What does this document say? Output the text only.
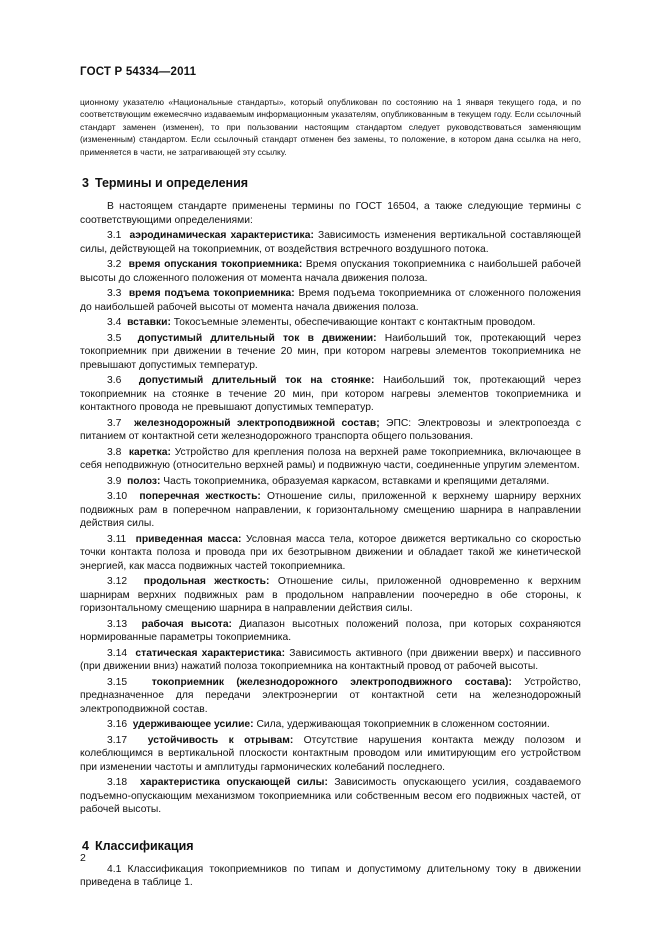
ГОСТ Р 54334—2011

ционному указателю «Национальные стандарты», который опубликован по состоянию на 1 января текущего года, и по соответствующим ежемесячно издаваемым информационным указателям, опубликованным в текущем году. Если ссылочный стандарт заменен (изменен), то при пользовании настоящим стандартом следует руководствоваться заменяющим (измененным) стандартом. Если ссылочный стандарт отменен без замены, то положение, в котором дана ссылка на него, применяется в части, не затрагивающей эту ссылку.

3 Термины и определения

В настоящем стандарте применены термины по ГОСТ 16504, а также следующие термины с соответствующими определениями:

3.1 аэродинамическая характеристика: Зависимость изменения вертикальной составляющей силы, действующей на токоприемник, от воздействия встречного воздушного потока.

3.2 время опускания токоприемника: Время опускания токоприемника с наибольшей рабочей высоты до сложенного положения от момента начала движения полоза.

3.3 время подъема токоприемника: Время подъема токоприемника от сложенного положения до наибольшей рабочей высоты от момента начала движения полоза.

3.4 вставки: Токосъемные элементы, обеспечивающие контакт с контактным проводом.

3.5 допустимый длительный ток в движении: Наибольший ток, протекающий через токоприемник при движении в течение 20 мин, при котором нагревы элементов токоприемника не превышают допустимых температур.

3.6 допустимый длительный ток на стоянке: Наибольший ток, протекающий через токоприемник на стоянке в течение 20 мин, при котором нагревы элементов токоприемника и контактного провода не превышают допустимых температур.

3.7 железнодорожный электроподвижной состав; ЭПС: Электровозы и электропоезда с питанием от контактной сети железнодорожного транспорта общего пользования.

3.8 каретка: Устройство для крепления полоза на верхней раме токоприемника, включающее в себя неподвижную (относительно верхней рамы) и подвижную части, соединенные упругим элементом.

3.9 полоз: Часть токоприемника, образуемая каркасом, вставками и крепящими деталями.

3.10 поперечная жесткость: Отношение силы, приложенной к верхнему шарниру верхних подвижных рам в поперечном направлении, к горизонтальному смещению шарнира в направлении действия силы.

3.11 приведенная масса: Условная масса тела, которое движется вертикально со скоростью точки контакта полоза и провода при их безотрывном движении и обладает такой же кинетической энергией, как масса подвижных частей токоприемника.

3.12 продольная жесткость: Отношение силы, приложенной одновременно к верхним шарнирам верхних подвижных рам в продольном направлении поочередно в обе стороны, к горизонтальному смещению шарнира в направлении действия силы.

3.13 рабочая высота: Диапазон высотных положений полоза, при которых сохраняются нормированные параметры токоприемника.

3.14 статическая характеристика: Зависимость активного (при движении вверх) и пассивного (при движении вниз) нажатий полоза токоприемника на контактный провод от рабочей высоты.

3.15 токоприемник (железнодорожного электроподвижного состава): Устройство, предназначенное для передачи электроэнергии от контактной сети на железнодорожный электроподвижной состав.

3.16 удерживающее усилие: Сила, удерживающая токоприемник в сложенном состоянии.

3.17 устойчивость к отрывам: Отсутствие нарушения контакта между полозом и колеблющимся в вертикальной плоскости контактным проводом или имитирующим его устройством при изменении частоты и амплитуды гармонических колебаний последнего.

3.18 характеристика опускающей силы: Зависимость опускающего усилия, создаваемого подъемно-опускающим механизмом токоприемника или собственным весом его подвижных частей, от рабочей высоты.

4 Классификация

4.1 Классификация токоприемников по типам и допустимому длительному току в движении приведена в таблице 1.

2
